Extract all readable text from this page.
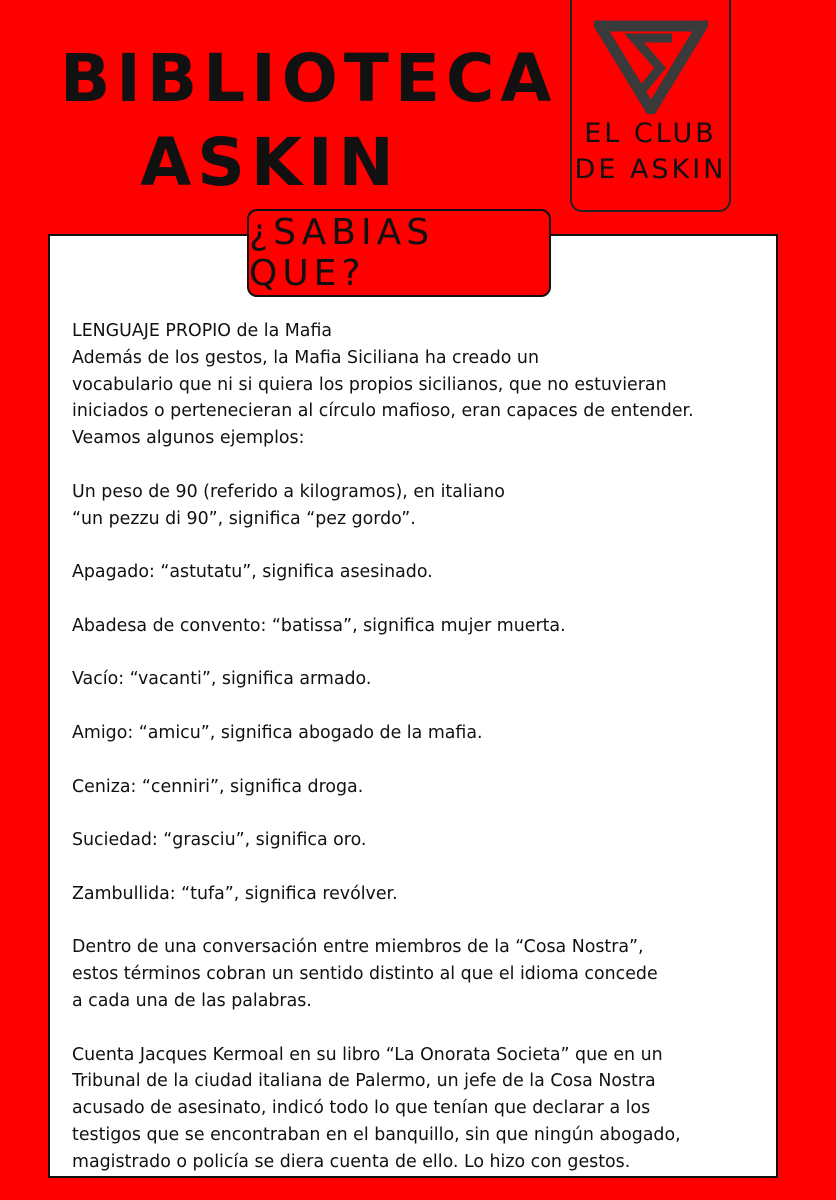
BIBLIOTECA
ASKIN	EL CLUB
DE ASKIN
¿SABIAS QUE?

LENGUAJE PROPIO de la Mafia

Además de los gestos, la Mafia Siciliana ha creado un

vocabulario que ni si quiera los propios sicilianos, que no estuvieran

iniciados o pertenecieran al círculo mafioso, eran capaces de entender.

Veamos algunos ejemplos:

Un peso de 90 (referido a kilogramos), en italiano

“un pezzu di 90”, significa “pez gordo”.

Apagado: “astutatu”, significa asesinado.

Abadesa de convento: “batissa”, significa mujer muerta.

Vacío: “vacanti”, significa armado.

Amigo: “amicu”, significa abogado de la mafia.

Ceniza: “cenniri”, significa droga.

Suciedad: “grasciu”, significa oro.

Zambullida: “tufa”, significa revólver.

Dentro de una conversación entre miembros de la “Cosa Nostra”,

estos términos cobran un sentido distinto al que el idioma concede

a cada una de las palabras.

Cuenta Jacques Kermoal en su libro “La Onorata Societa” que en un

Tribunal de la ciudad italiana de Palermo, un jefe de la Cosa Nostra

acusado de asesinato, indicó todo lo que tenían que declarar a los

testigos que se encontraban en el banquillo, sin que ningún abogado,

magistrado o policía se diera cuenta de ello. Lo hizo con gestos.
